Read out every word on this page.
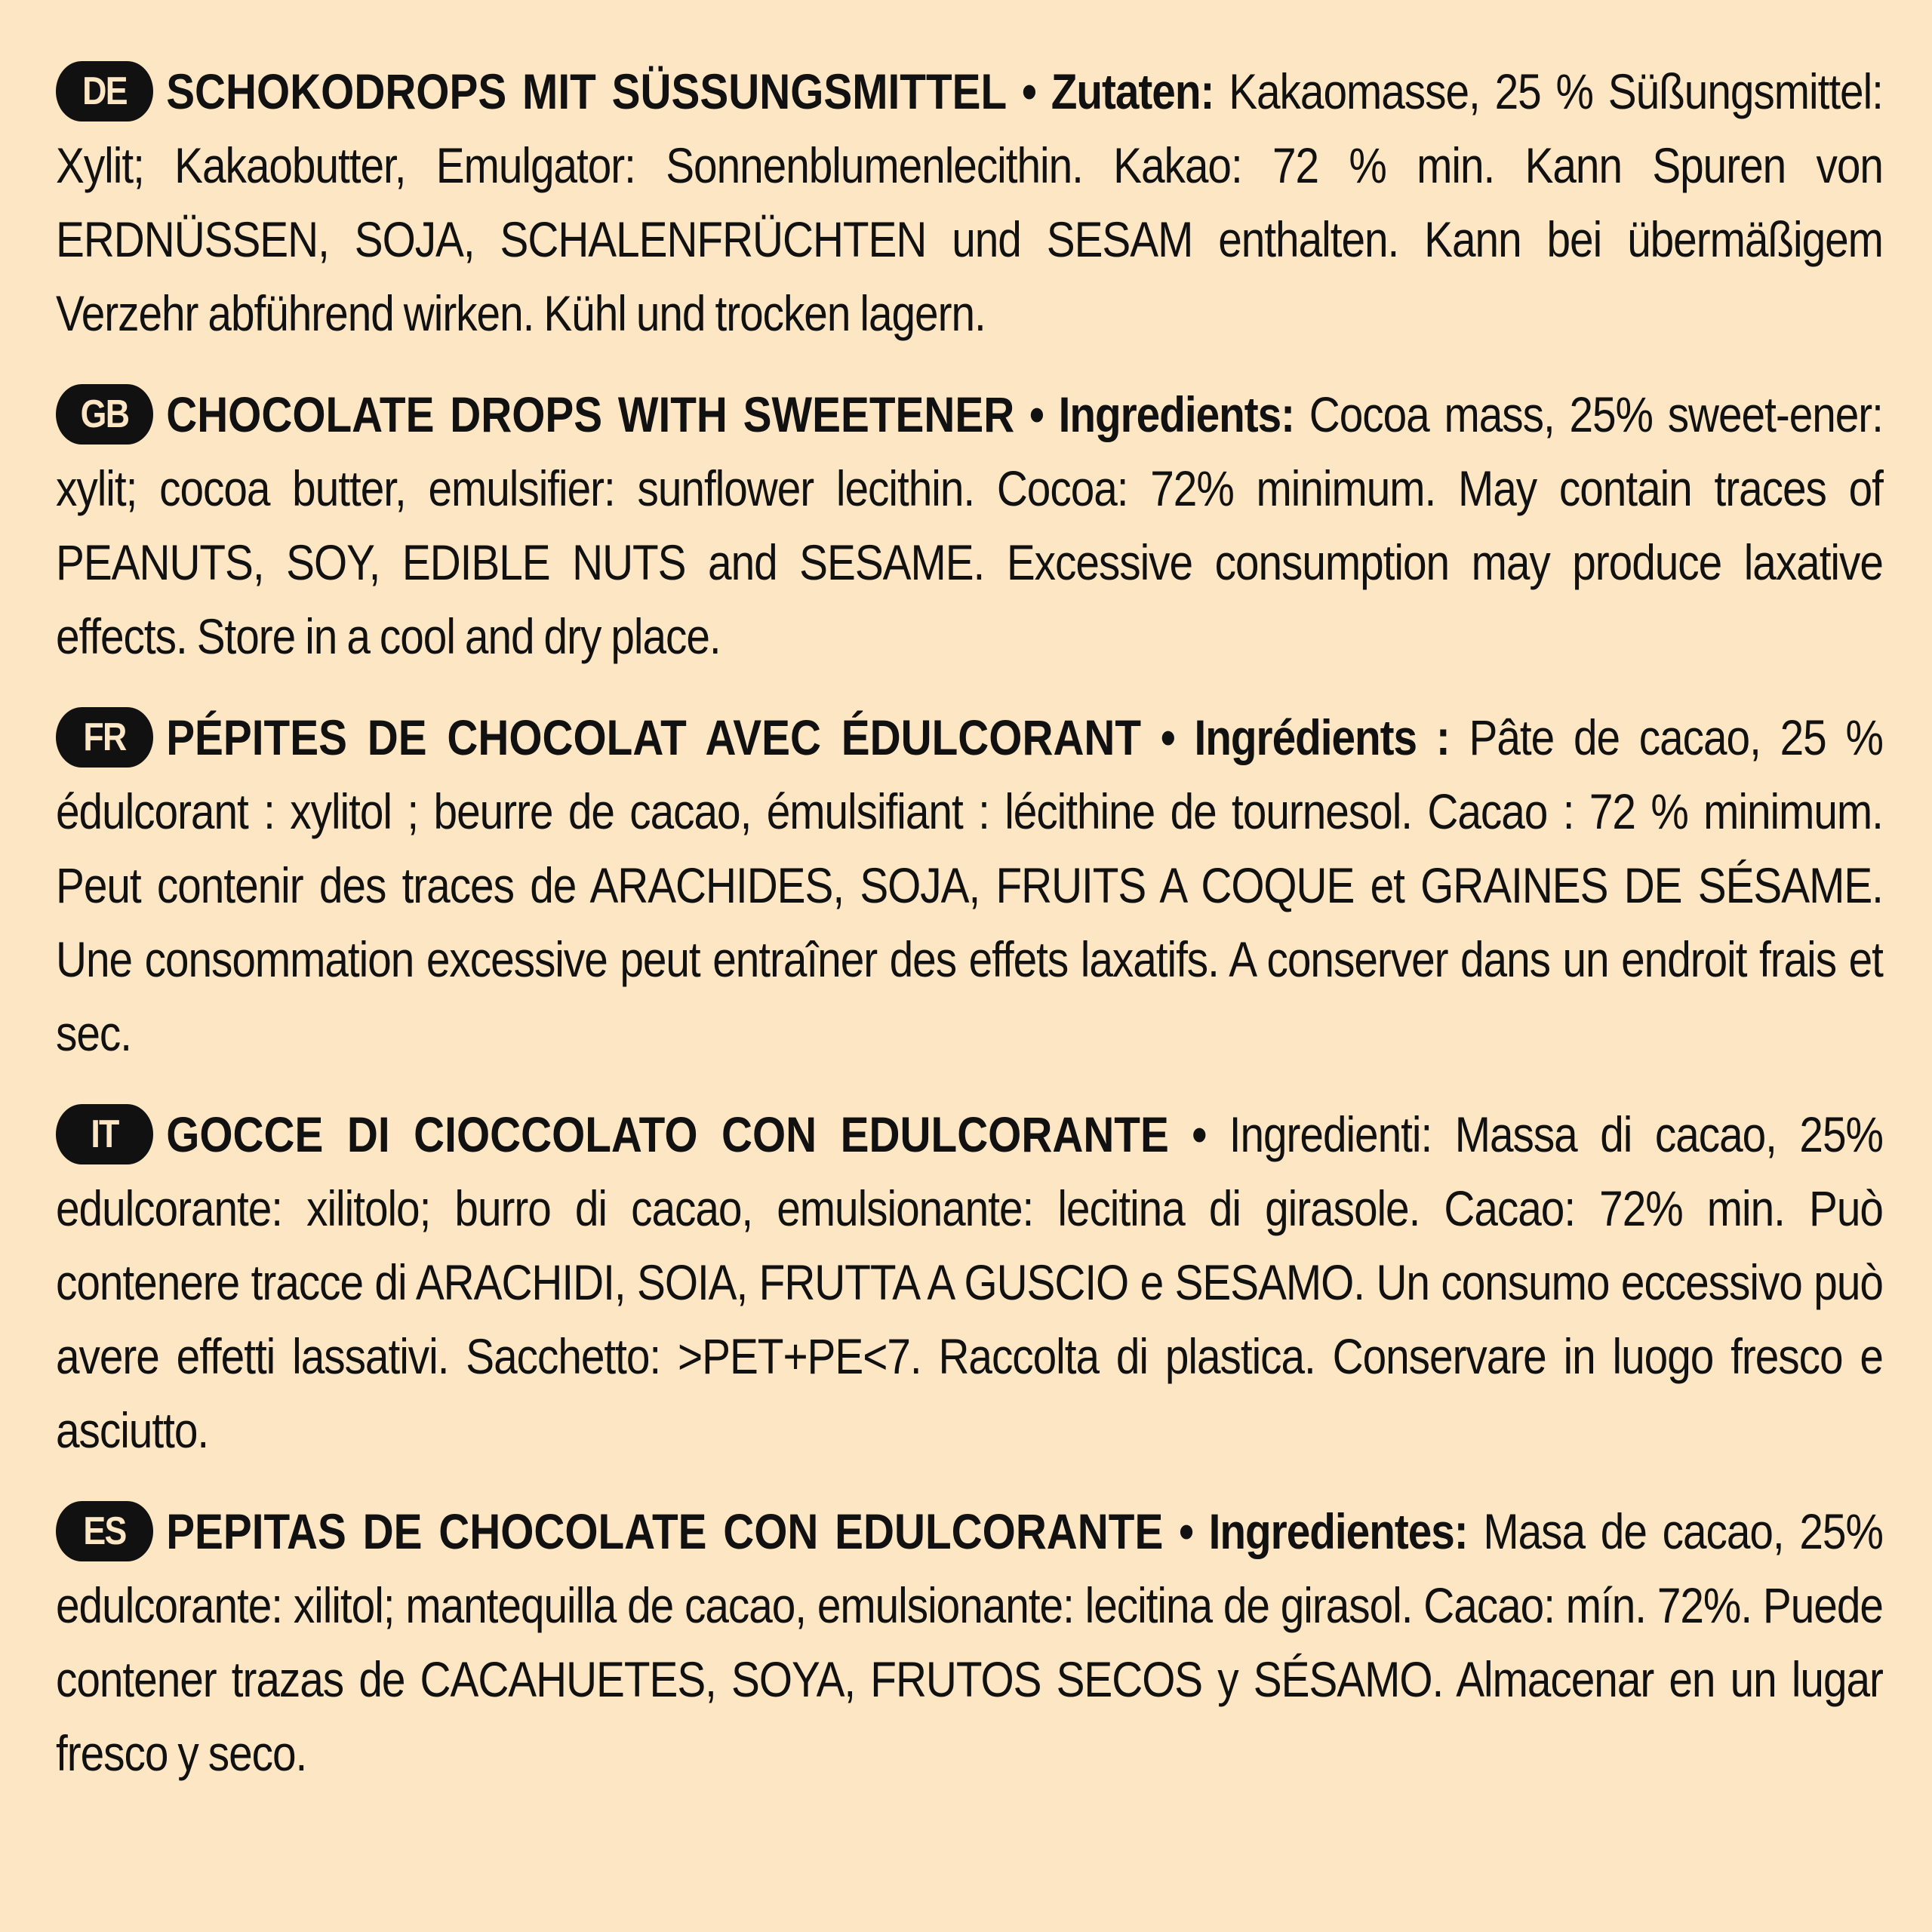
DE SCHOKODROPS MIT SÜSSUNGSMITTEL • Zutaten: Kakaomasse, 25 % Süßungsmittel: Xylit; Kakaobutter, Emulgator: Sonnenblumenlecithin. Kakao: 72 % min. Kann Spuren von ERDNÜSSEN, SOJA, SCHALENFRÜCHTEN und SESAM enthalten. Kann bei übermäßigem Verzehr abführend wirken. Kühl und trocken lagern.

GB CHOCOLATE DROPS WITH SWEETENER • Ingredients: Cocoa mass, 25% sweet-ener: xylit; cocoa butter, emulsifier: sunflower lecithin. Cocoa: 72% minimum. May contain traces of PEANUTS, SOY, EDIBLE NUTS and SESAME. Excessive consumption may produce laxative effects. Store in a cool and dry place.

FR PÉPITES DE CHOCOLAT AVEC ÉDULCORANT • Ingrédients : Pâte de cacao, 25 % édulcorant : xylitol ; beurre de cacao, émulsifiant : lécithine de tournesol. Cacao : 72 % minimum. Peut contenir des traces de ARACHIDES, SOJA, FRUITS A COQUE et GRAINES DE SÉSAME. Une consommation excessive peut entraîner des effets laxatifs. A conserver dans un endroit frais et sec.

IT GOCCE DI CIOCCOLATO CON EDULCORANTE • Ingredienti: Massa di cacao, 25% edulcorante: xilitolo; burro di cacao, emulsionante: lecitina di girasole. Cacao: 72% min. Può contenere tracce di ARACHIDI, SOIA, FRUTTA A GUSCIO e SESAMO. Un consumo eccessivo può avere effetti lassativi. Sacchetto: >PET+PE<7. Raccolta di plastica. Conservare in luogo fresco e asciutto.

ES PEPITAS DE CHOCOLATE CON EDULCORANTE • Ingredientes: Masa de cacao, 25% edulcorante: xilitol; mantequilla de cacao, emulsionante: lecitina de girasol. Cacao: mín. 72%. Puede contener trazas de CACAHUETES, SOYA, FRUTOS SECOS y SÉSAMO. Almacenar en un lugar fresco y seco.
